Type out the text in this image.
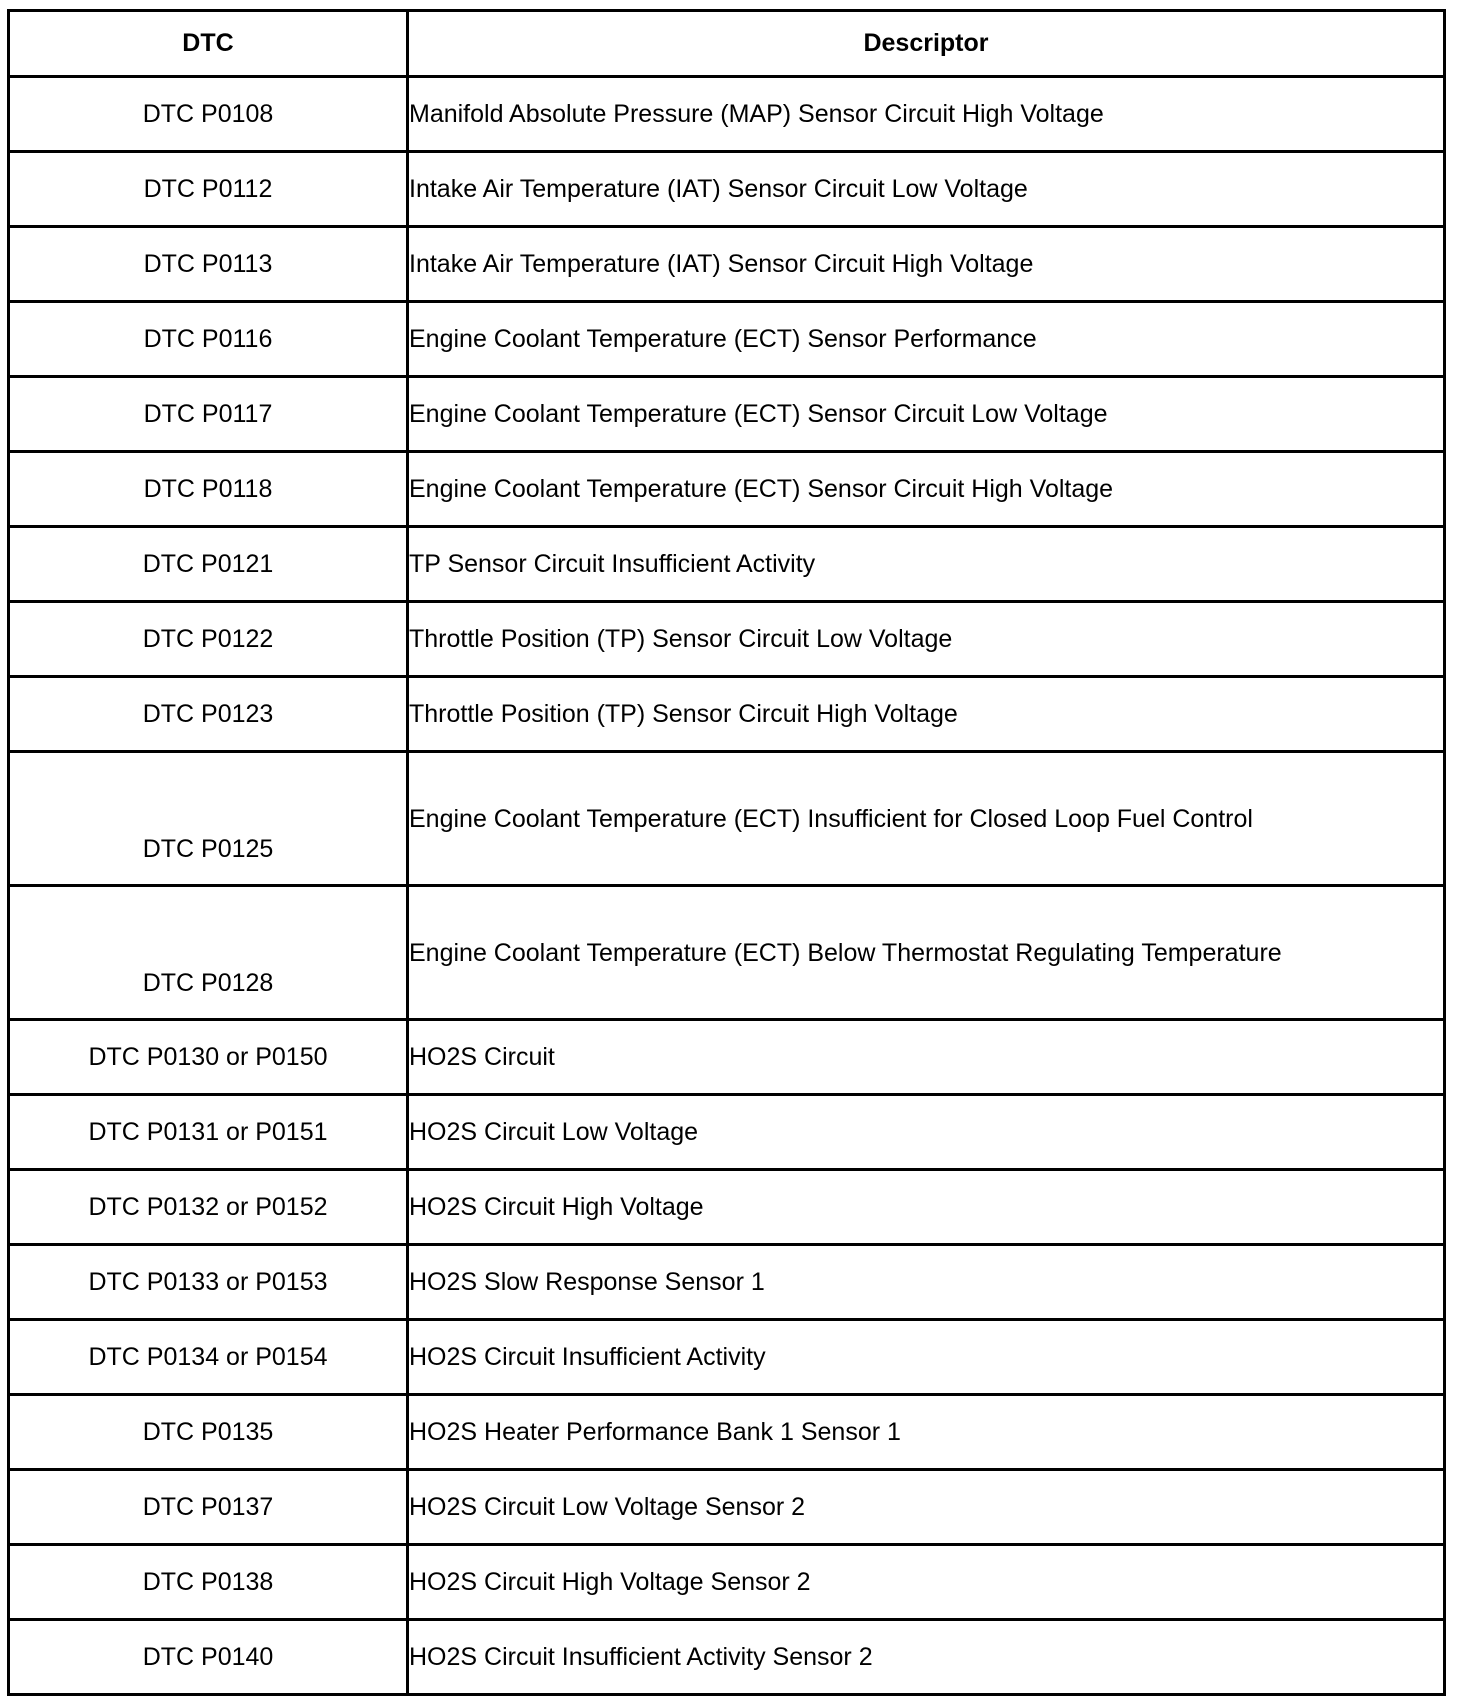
DTC	Descriptor
DTC P0108	Manifold Absolute Pressure (MAP) Sensor Circuit High Voltage
DTC P0112	Intake Air Temperature (IAT) Sensor Circuit Low Voltage
DTC P0113	Intake Air Temperature (IAT) Sensor Circuit High Voltage
DTC P0116	Engine Coolant Temperature (ECT) Sensor Performance
DTC P0117	Engine Coolant Temperature (ECT) Sensor Circuit Low Voltage
DTC P0118	Engine Coolant Temperature (ECT) Sensor Circuit High Voltage
DTC P0121	TP Sensor Circuit Insufficient Activity
DTC P0122	Throttle Position (TP) Sensor Circuit Low Voltage
DTC P0123	Throttle Position (TP) Sensor Circuit High Voltage
DTC P0125	Engine Coolant Temperature (ECT) Insufficient for Closed Loop Fuel Control
DTC P0128	Engine Coolant Temperature (ECT) Below Thermostat Regulating Temperature
DTC P0130 or P0150	HO2S Circuit
DTC P0131 or P0151	HO2S Circuit Low Voltage
DTC P0132 or P0152	HO2S Circuit High Voltage
DTC P0133 or P0153	HO2S Slow Response Sensor 1
DTC P0134 or P0154	HO2S Circuit Insufficient Activity
DTC P0135	HO2S Heater Performance Bank 1 Sensor 1
DTC P0137	HO2S Circuit Low Voltage Sensor 2
DTC P0138	HO2S Circuit High Voltage Sensor 2
DTC P0140	HO2S Circuit Insufficient Activity Sensor 2
